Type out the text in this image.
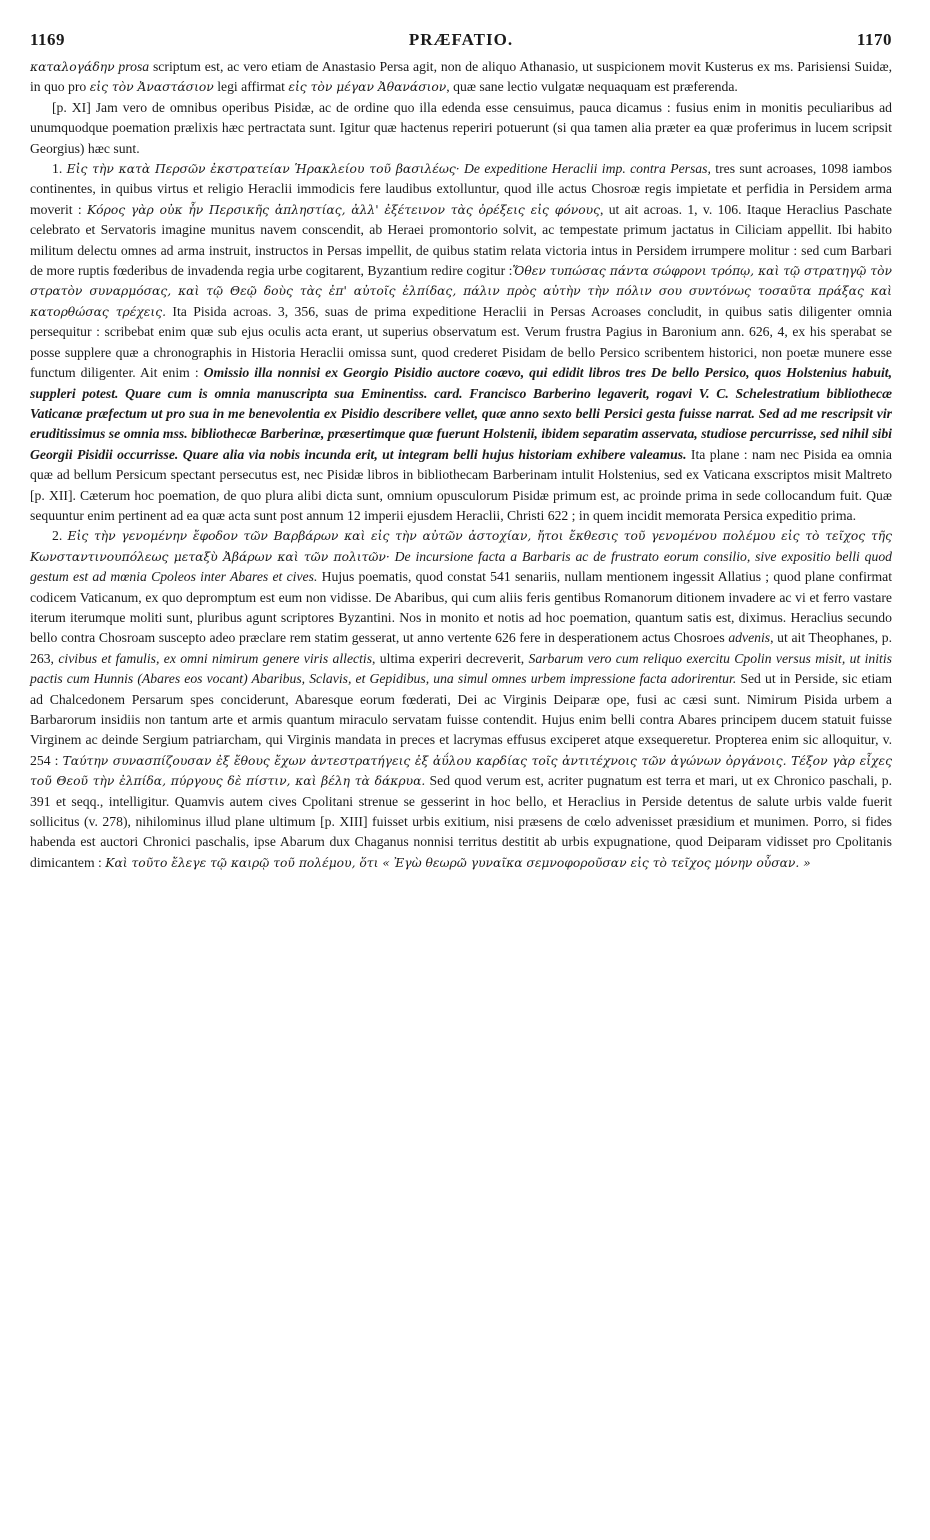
1169	PRÆFATIO.	1170

καταλογάδην prosa scriptum est, ac vero etiam de Anastasio Persa agit, non de aliquo Athanasio, ut suspicionem movit Kusterus ex ms. Parisiensi Suidæ, in quo pro εἰς τὸν Ἀναστάσιον legi affirmat εἰς τὸν μέγαν Ἀθανάσιον, quæ sane lectio vulgatæ nequaquam est præferenda.

[p. XI] Jam vero de omnibus operibus Pisidæ, ac de ordine quo illa edenda esse censuimus, pauca dicamus : fusius enim in monitis peculiaribus ad unumquodque poemation prælixis hæc pertractata sunt. Igitur quæ hactenus reperiri potuerunt (si qua tamen alia præter ea quæ proferimus in lucem scripsit Georgius) hæc sunt.

1. Εἰς τὴν κατὰ Περσῶν ἐκστρατείαν Ἡρακλείου τοῦ βασιλέως· De expeditione Heraclii imp. contra Persas, tres sunt acroases, 1098 iambos continentes, in quibus virtus et religio Heraclii immodicis fere laudibus extolluntur, quod ille actus Chosroæ regis impietate et perfidia in Persidem arma moverit : Κόρος γὰρ οὐκ ἦν Περσικῆς ἀπληστίας, ἀλλ' ἐξέτεινον τὰς ὀρέξεις εἰς φόνους, ut ait acroas. 1, v. 106. Itaque Heraclius Paschate celebrato et Servatoris imagine munitus navem conscendit, ab Heraei promontorio solvit, ac tempestate primum jactatus in Ciliciam appellit. Ibi habito militum delectu omnes ad arma instruit, instructos in Persas impellit, de quibus statim relata victoria intus in Persidem irrumpere molitur : sed cum Barbari de more ruptis fœderibus de invadenda regia urbe cogitarent, Byzantium redire cogitur :Ὅθεν τυπώσας πάντα σώφρονι τρόπῳ, καὶ τῷ στρατηγῷ τὸν στρατὸν συναρμόσας, καὶ τῷ Θεῷ δοὺς τὰς ἐπ' αὐτοῖς ἐλπίδας, πάλιν πρὸς αὐτὴν τὴν πόλιν σου συντόνως τοσαῦτα πράξας καὶ κατορθώσας τρέχεις. Ita Pisida acroas. 3, 356, suas de prima expeditione Heraclii in Persas Acroases concludit, in quibus satis diligenter omnia persequitur : scribebat enim quæ sub ejus oculis acta erant, ut superius observatum est. Verum frustra Pagius in Baronium ann. 626, 4, ex his sperabat se posse supplere quæ a chronographis in Historia Heraclii omissa sunt, quod crederet Pisidam de bello Persico scribentem historici, non poetæ munere esse functum diligenter. Ait enim : Omissio illa nonnisi ex Georgio Pisidio auctore coævo, qui edidit libros tres De bello Persico, quos Holstenius habuit, suppleri potest. Quare cum is omnia manuscripta sua Eminentiss. card. Francisco Barberino legaverit, rogavi V. C. Schelestratium bibliothecæ Vaticanæ præfectum ut pro sua in me benevolentia ex Pisidio describere vellet, quæ anno sexto belli Persici gesta fuisse narrat. Sed ad me rescripsit vir eruditissimus se omnia mss. bibliothecæ Barberinæ, præsertimque quæ fuerunt Holstenii, ibidem separatim asservata, studiose percurrisse, sed nihil sibi Georgii Pisidii occurrisse. Quare alia via nobis incunda erit, ut integram belli hujus historiam exhibere valeamus. Ita plane : nam nec Pisida ea omnia quæ ad bellum Persicum spectant persecutus est, nec Pisidæ libros in bibliothecam Barberinam intulit Holstenius, sed ex Vaticana exscriptos misit Maltreto [p. XII]. Cæterum hoc poemation, de quo plura alibi dicta sunt, omnium opusculorum Pisidæ primum est, ac proinde prima in sede collocandum fuit. Quæ sequuntur enim pertinent ad ea quæ acta sunt post annum 12 imperii ejusdem Heraclii, Christi 622 ; in quem incidit memorata Persica expeditio prima.

2. Εἰς τὴν γενομένην ἔφοδον τῶν Βαρβάρων καὶ εἰς τὴν αὐτῶν ἀστοχίαν, ἤτοι ἔκθεσις τοῦ γενομένου πολέμου εἰς τὸ τεῖχος τῆς Κωνσταντινουπόλεως μεταξὺ Ἀβάρων καὶ τῶν πολιτῶν· De incursione facta a Barbaris ac de frustrato eorum consilio, sive expositio belli quod gestum est ad mœnia Cpoleos inter Abares et cives. Hujus poematis, quod constat 541 senariis, nullam mentionem ingessit Allatius ; quod plane confirmat codicem Vaticanum, ex quo depromptum est eum non vidisse. De Abaribus, qui cum aliis feris gentibus Romanorum ditionem invadere ac vi et ferro vastare iterum iterumque moliti sunt, pluribus agunt scriptores Byzantini. Nos in monito et notis ad hoc poemation, quantum satis est, diximus. Heraclius secundo bello contra Chosroam suscepto adeo præclare rem statim gesserat, ut anno vertente 626 fere in desperationem actus Chosroes advenis, ut ait Theophanes, p. 263, civibus et famulis, ex omni nimirum genere viris allectis, ultima experiri decreverit, Sarbarum vero cum reliquo exercitu Cpolin versus misit, ut initis pactis cum Hunnis (Abares eos vocant) Abaribus, Sclavis, et Gepidibus, una simul omnes urbem impressione facta adorirentur. Sed ut in Perside, sic etiam ad Chalcedonem Persarum spes conciderunt, Abaresque eorum fœderati, Dei ac Virginis Deiparæ ope, fusi ac cæsi sunt. Nimirum Pisida urbem a Barbarorum insidiis non tantum arte et armis quantum miraculo servatam fuisse contendit. Hujus enim belli contra Abares principem ducem statuit fuisse Virginem ac deinde Sergium patriarcham, qui Virginis mandata in preces et lacrymas effusus exciperet atque exsequeretur. Propterea enim sic alloquitur, v. 254 : Ταύτην συνασπίζουσαν ἐξ ἔθους ἔχων ἀντεστρατήγεις ἐξ ἀΰλου καρδίας τοῖς ἀντιτέχνοις τῶν ἀγώνων ὀργάνοις. Τέξον γὰρ εἶχες τοῦ Θεοῦ τὴν ἐλπίδα, πύργους δὲ πίστιν, καὶ βέλη τὰ δάκρυα. Sed quod verum est, acriter pugnatum est terra et mari, ut ex Chronico paschali, p. 391 et seqq., intelligitur. Quamvis autem cives Cpolitani strenue se gesserint in hoc bello, et Heraclius in Perside detentus de salute urbis valde fuerit sollicitus (v. 278), nihilominus illud plane ultimum [p. XIII] fuisset urbis exitium, nisi præsens de cœlo advenisset præsidium et munimen. Porro, si fides habenda est auctori Chronici paschalis, ipse Abarum dux Chaganus nonnisi territus destitit ab urbis expugnatione, quod Deiparam vidisset pro Cpolitanis dimicantem : Καὶ τοῦτο ἔλεγε τῷ καιρῷ τοῦ πολέμου, ὅτι « Ἐγὼ θεωρῶ γυναῖκα σεμνοφοροῦσαν εἰς τὸ τεῖχος μόνην οὖσαν. »
